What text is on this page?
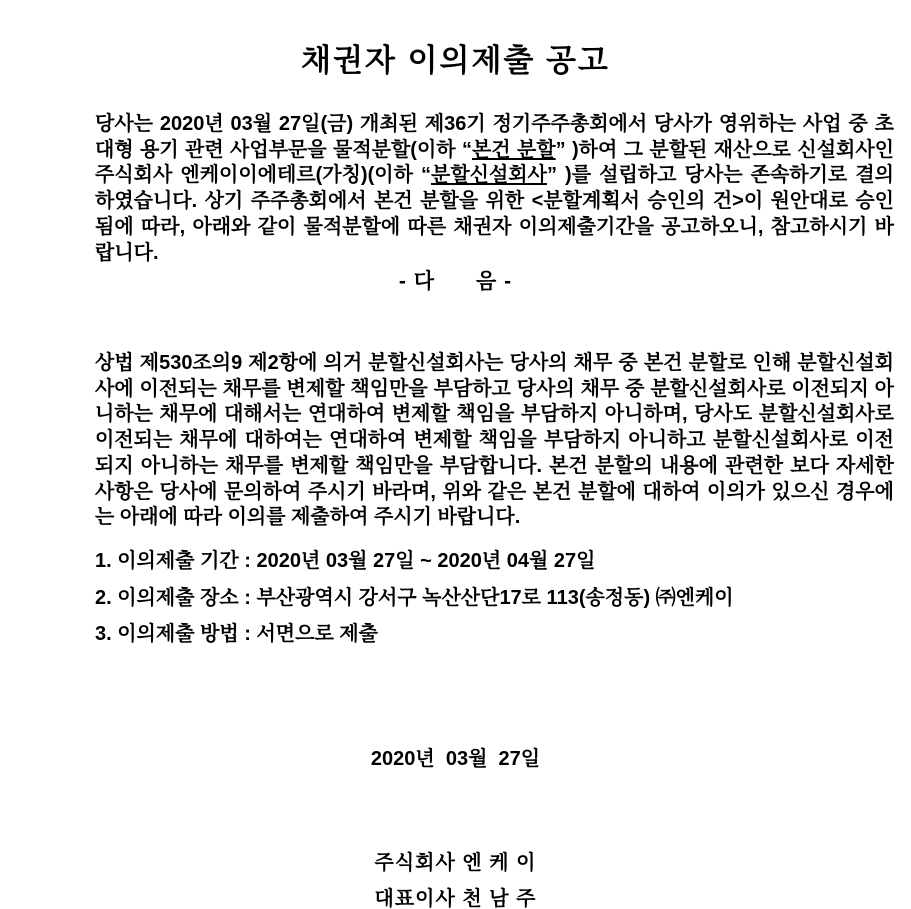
채권자 이의제출 공고

당사는 2020년 03월 27일(금) 개최된 제36기 정기주주총회에서 당사가 영위하는 사업 중 초대형 용기 관련 사업부문을 물적분할(이하 “본건 분할” )하여 그 분할된 재산으로 신설회사인 주식회사 엔케이이에테르(가칭)(이하 “분할신설회사” )를 설립하고 당사는 존속하기로 결의하였습니다. 상기 주주총회에서 본건 분할을 위한 <분할계획서 승인의 건>이 원안대로 승인됨에 따라, 아래와 같이 물적분할에 따른 채권자 이의제출기간을 공고하오니, 참고하시기 바랍니다.

- 다      음 -

상법 제530조의9 제2항에 의거 분할신설회사는 당사의 채무 중 본건 분할로 인해 분할신설회사에 이전되는 채무를 변제할 책임만을 부담하고 당사의 채무 중 분할신설회사로 이전되지 아니하는 채무에 대해서는 연대하여 변제할 책임을 부담하지 아니하며, 당사도 분할신설회사로 이전되는 채무에 대하여는 연대하여 변제할 책임을 부담하지 아니하고 분할신설회사로 이전되지 아니하는 채무를 변제할 책임만을 부담합니다. 본건 분할의 내용에 관련한 보다 자세한 사항은 당사에 문의하여 주시기 바라며, 위와 같은 본건 분할에 대하여 이의가 있으신 경우에는 아래에 따라 이의를 제출하여 주시기 바랍니다.

1. 이의제출 기간 : 2020년 03월 27일 ~ 2020년 04월 27일
2. 이의제출 장소 : 부산광역시 강서구 녹산산단17로 113(송정동) ㈜엔케이
3. 이의제출 방법 : 서면으로 제출
2020년  03월  27일
주식회사 엔 케 이
대표이사 천 남 주
